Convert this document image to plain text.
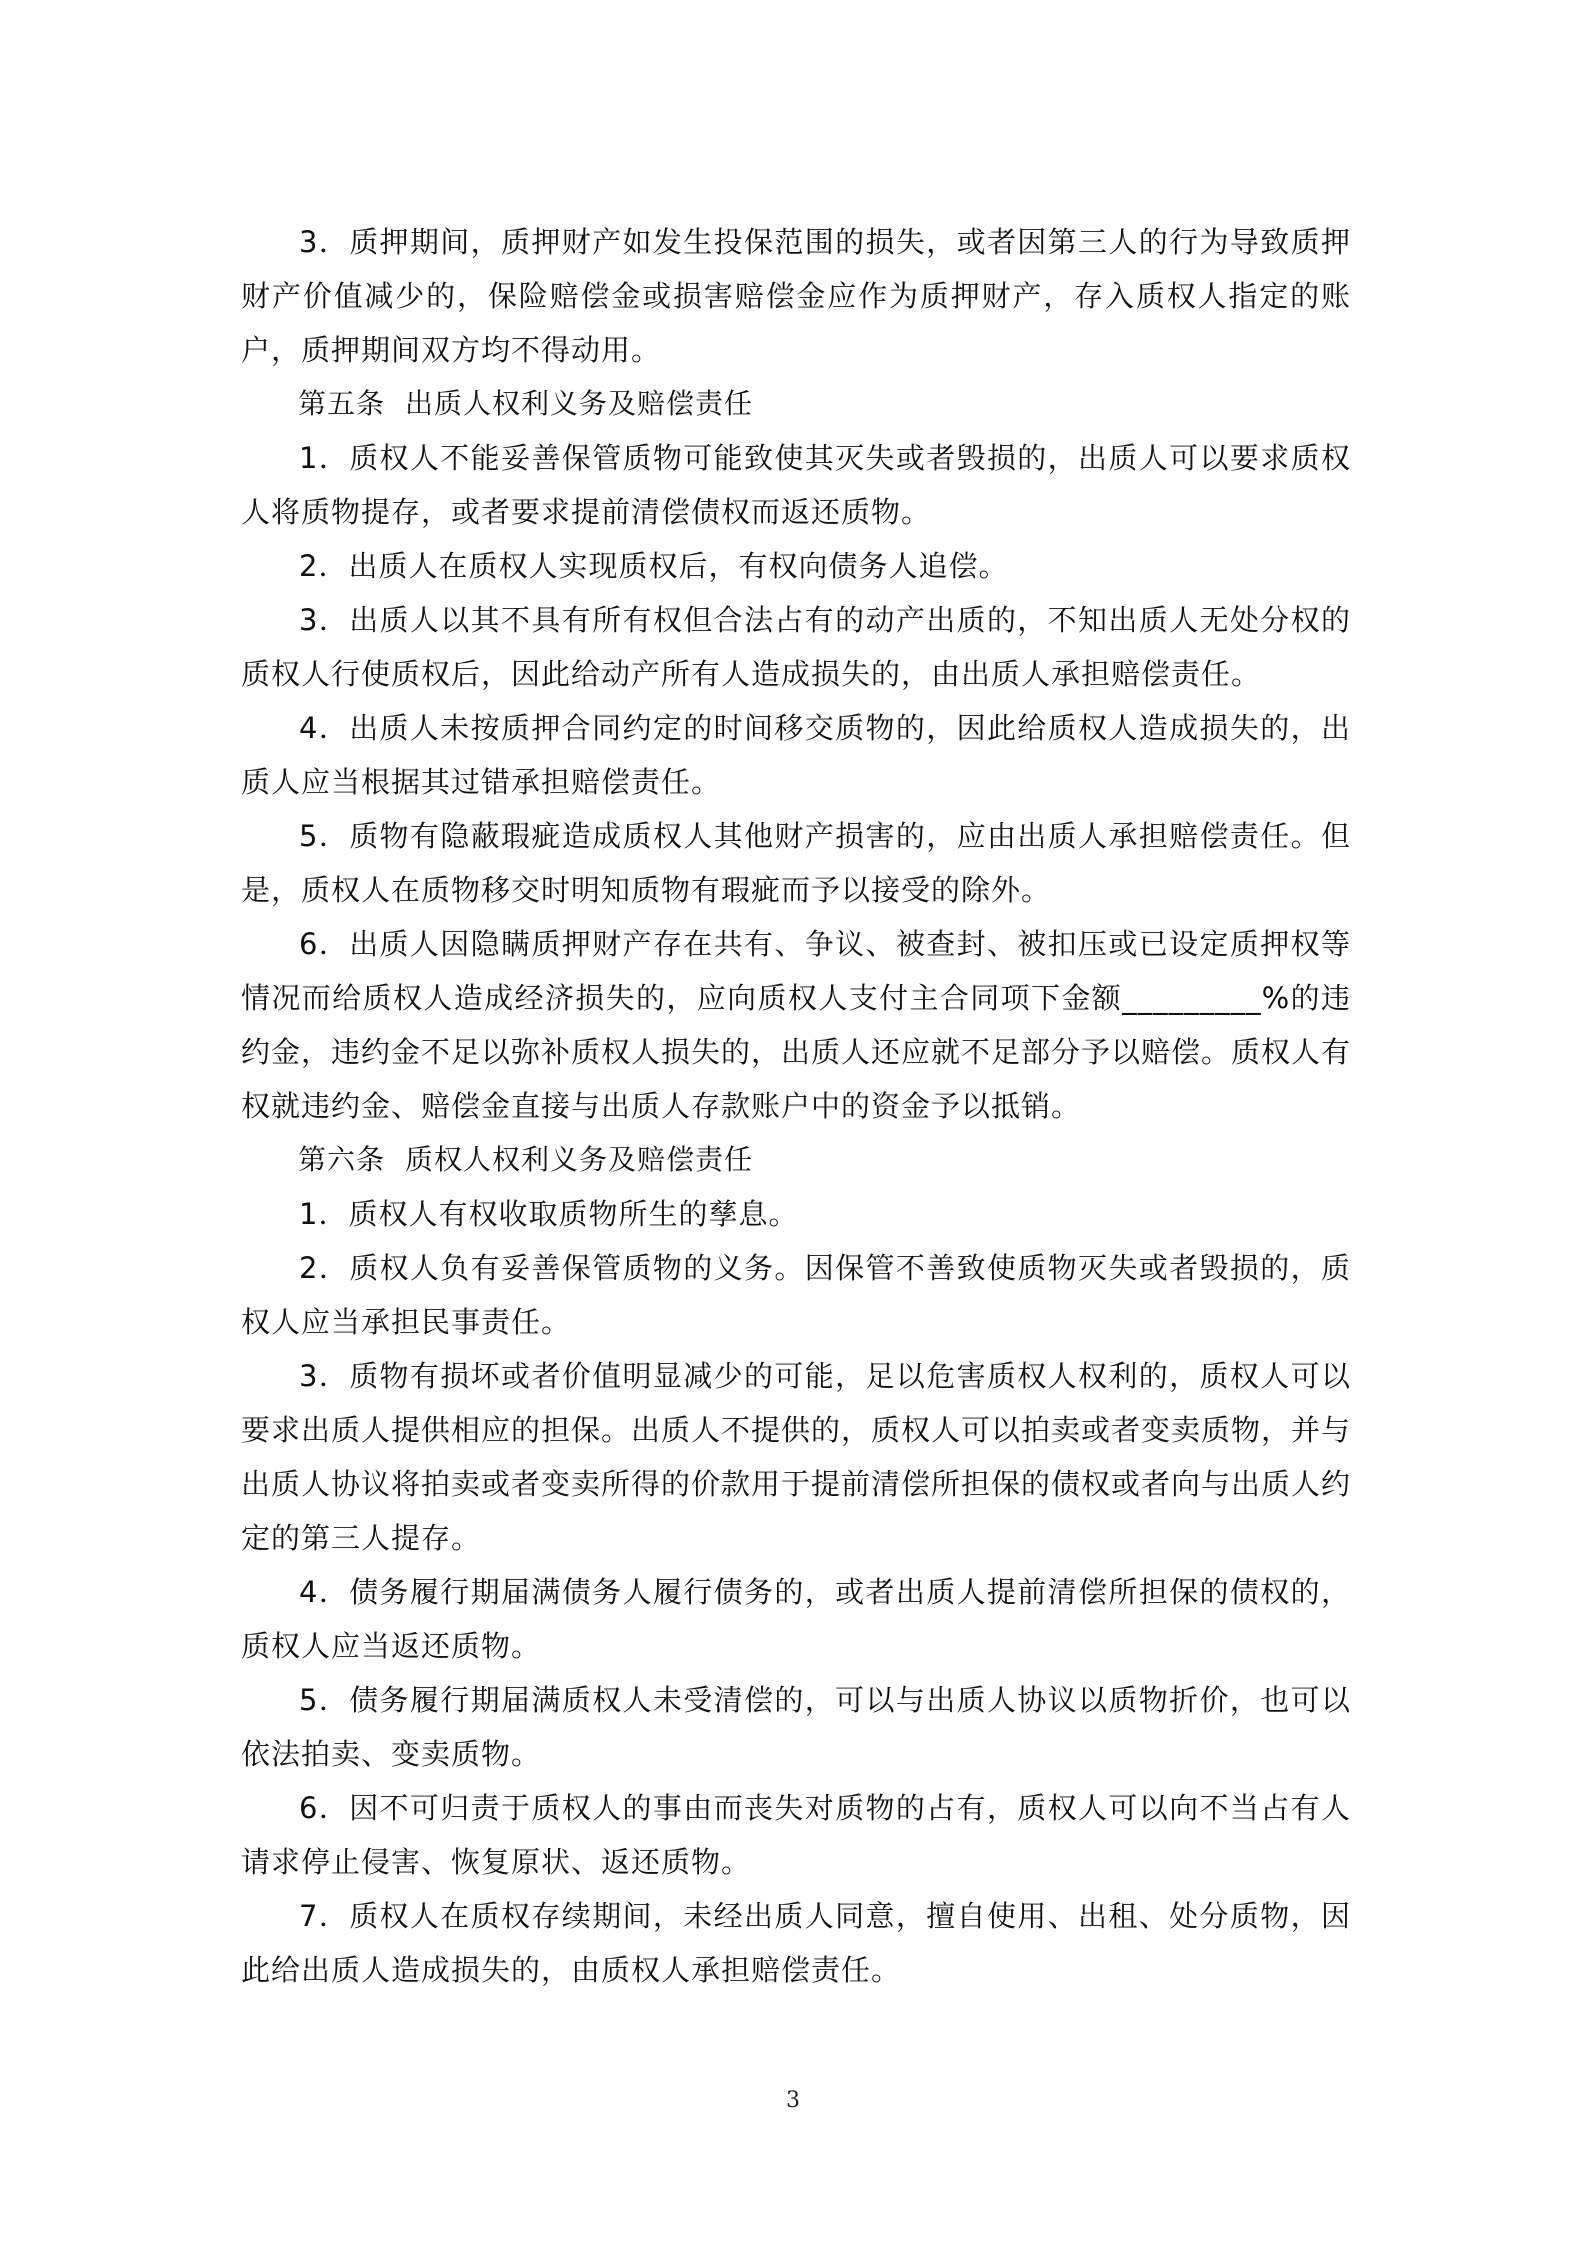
3．质押期间，质押财产如发生投保范围的损失，或者因第三人的行为导致质押财产价值减少的，保险赔偿金或损害赔偿金应作为质押财产，存入质权人指定的账户，质押期间双方均不得动用。

第五条 出质人权利义务及赔偿责任

1．质权人不能妥善保管质物可能致使其灭失或者毁损的，出质人可以要求质权人将质物提存，或者要求提前清偿债权而返还质物。

2．出质人在质权人实现质权后，有权向债务人追偿。

3．出质人以其不具有所有权但合法占有的动产出质的，不知出质人无处分权的质权人行使质权后，因此给动产所有人造成损失的，由出质人承担赔偿责任。

4．出质人未按质押合同约定的时间移交质物的，因此给质权人造成损失的，出质人应当根据其过错承担赔偿责任。

5．质物有隐蔽瑕疵造成质权人其他财产损害的，应由出质人承担赔偿责任。但是，质权人在质物移交时明知质物有瑕疵而予以接受的除外。

6．出质人因隐瞒质押财产存在共有、争议、被查封、被扣压或已设定质押权等情况而给质权人造成经济损失的，应向质权人支付主合同项下金额_________%的违约金，违约金不足以弥补质权人损失的，出质人还应就不足部分予以赔偿。质权人有权就违约金、赔偿金直接与出质人存款账户中的资金予以抵销。

第六条 质权人权利义务及赔偿责任

1．质权人有权收取质物所生的孳息。

2．质权人负有妥善保管质物的义务。因保管不善致使质物灭失或者毁损的，质权人应当承担民事责任。

3．质物有损坏或者价值明显减少的可能，足以危害质权人权利的，质权人可以要求出质人提供相应的担保。出质人不提供的，质权人可以拍卖或者变卖质物，并与出质人协议将拍卖或者变卖所得的价款用于提前清偿所担保的债权或者向与出质人约定的第三人提存。

4．债务履行期届满债务人履行债务的，或者出质人提前清偿所担保的债权的，质权人应当返还质物。

5．债务履行期届满质权人未受清偿的，可以与出质人协议以质物折价，也可以依法拍卖、变卖质物。

6．因不可归责于质权人的事由而丧失对质物的占有，质权人可以向不当占有人请求停止侵害、恢复原状、返还质物。

7．质权人在质权存续期间，未经出质人同意，擅自使用、出租、处分质物，因此给出质人造成损失的，由质权人承担赔偿责任。

3
